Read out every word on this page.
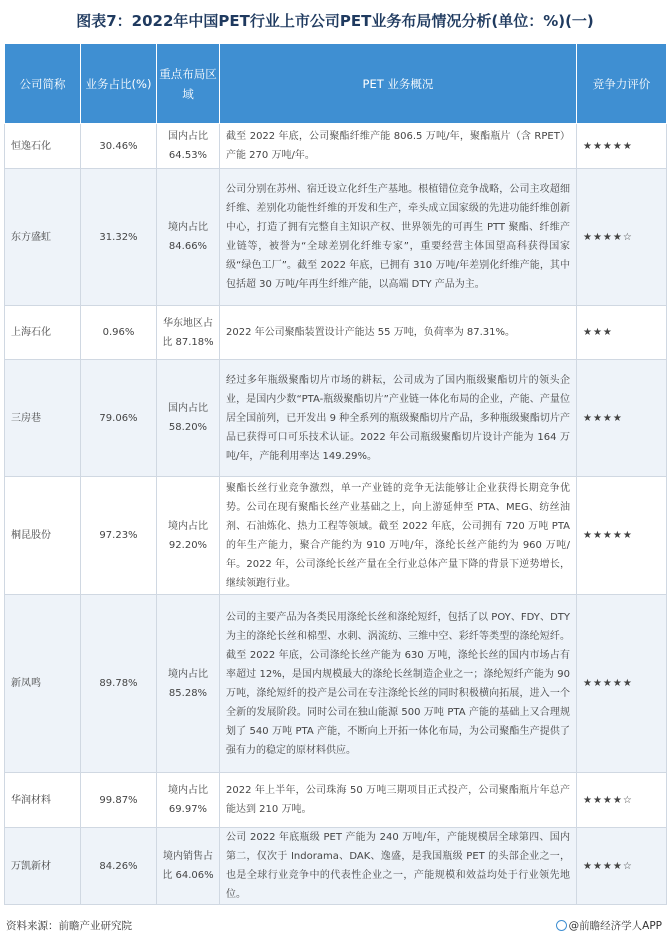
图表7：2022年中国PET行业上市公司PET业务布局情况分析(单位：%)(一)
公司简称	业务占比(%)	重点布局区域	PET 业务概况	竞争力评价
恒逸石化	30.46%	国内占比 64.53%	截至 2022 年底，公司聚酯纤维产能 806.5 万吨/年，聚酯瓶片（含 RPET）产能 270 万吨/年。	★★★★★
东方盛虹	31.32%	境内占比 84.66%	公司分别在苏州、宿迁设立化纤生产基地。根植错位竞争战略，公司主攻超细纤维、差别化功能性纤维的开发和生产，牵头成立国家级的先进功能纤维创新中心，打造了拥有完整自主知识产权、世界领先的可再生 PTT 聚酯、纤维产业链等，被誉为“全球差别化纤维专家”，重要经营主体国望高科获得国家级“绿色工厂”。截至 2022 年底，已拥有 310 万吨/年差别化纤维产能，其中包括超 30 万吨/年再生纤维产能，以高端 DTY 产品为主。	★★★★☆
上海石化	0.96%	华东地区占比 87.18%	2022 年公司聚酯装置设计产能达 55 万吨，负荷率为 87.31%。	★★★
三房巷	79.06%	国内占比 58.20%	经过多年瓶级聚酯切片市场的耕耘，公司成为了国内瓶级聚酯切片的领头企业，是国内少数“PTA-瓶级聚酯切片”产业链一体化布局的企业，产能、产量位居全国前列，已开发出 9 种全系列的瓶级聚酯切片产品，多种瓶级聚酯切片产品已获得可口可乐技术认证。2022 年公司瓶级聚酯切片设计产能为 164 万吨/年，产能利用率达 149.29%。	★★★★
桐昆股份	97.23%	境内占比 92.20%	聚酯长丝行业竞争激烈，单一产业链的竞争无法能够让企业获得长期竞争优势。公司在现有聚酯长丝产业基础之上，向上游延伸至 PTA、MEG、纺丝油剂、石油炼化、热力工程等领域。截至 2022 年底，公司拥有 720 万吨 PTA 的年生产能力，聚合产能约为 910 万吨/年，涤纶长丝产能约为 960 万吨/年。2022 年，公司涤纶长丝产量在全行业总体产量下降的背景下逆势增长，继续领跑行业。	★★★★★
新凤鸣	89.78%	境内占比 85.28%	公司的主要产品为各类民用涤纶长丝和涤纶短纤，包括了以 POY、FDY、DTY 为主的涤纶长丝和棉型、水刺、涡流纺、三维中空、彩纤等类型的涤纶短纤。截至 2022 年底，公司涤纶长丝产能为 630 万吨，涤纶长丝的国内市场占有率超过 12%，是国内规模最大的涤纶长丝制造企业之一；涤纶短纤产能为 90 万吨，涤纶短纤的投产是公司在专注涤纶长丝的同时积极横向拓展，进入一个全新的发展阶段。同时公司在独山能源 500 万吨 PTA 产能的基础上又合理规划了 540 万吨 PTA 产能，不断向上开拓一体化布局，为公司聚酯生产提供了强有力的稳定的原材料供应。	★★★★★
华润材料	99.87%	境内占比 69.97%	2022 年上半年，公司珠海 50 万吨三期项目正式投产，公司聚酯瓶片年总产能达到 210 万吨。	★★★★☆
万凯新材	84.26%	境内销售占比 64.06%	公司 2022 年底瓶级 PET 产能为 240 万吨/年，产能规模居全球第四、国内第二，仅次于 Indorama、DAK、逸盛，是我国瓶级 PET 的头部企业之一，也是全球行业竞争中的代表性企业之一，产能规模和效益均处于行业领先地位。	★★★★☆
资料来源：前瞻产业研究院	@前瞻经济学人APP
